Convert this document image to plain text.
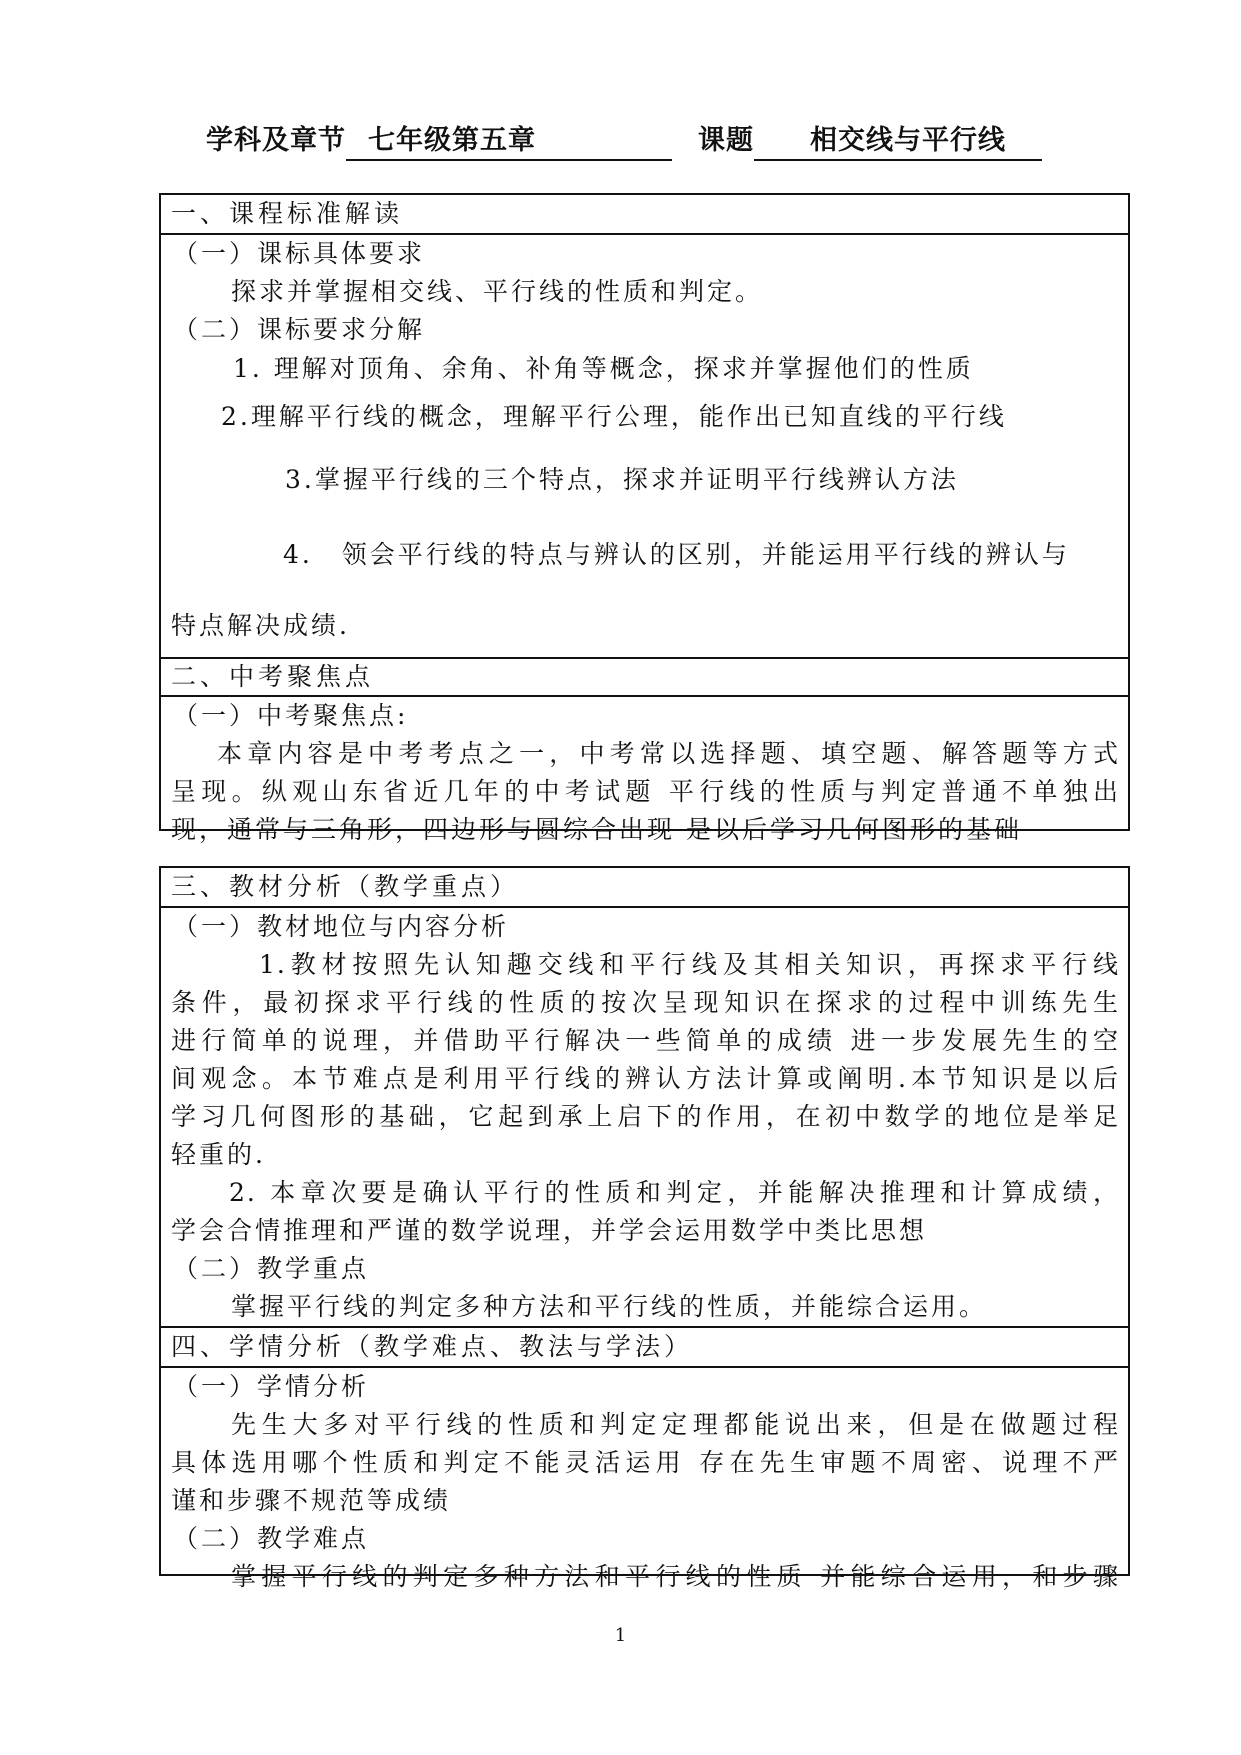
学科及章节 七年级第五章	课题 相交线与平行线
一、课程标准解读
（一）课标具体要求
探求并掌握相交线、平行线的性质和判定。
（二）课标要求分解
1. 理解对顶角、余角、补角等概念，探求并掌握他们的性质
2.理解平行线的概念，理解平行公理，能作出已知直线的平行线
3.掌握平行线的三个特点，探求并证明平行线辨认方法
4. 领会平行线的特点与辨认的区别，并能运用平行线的辨认与
特点解决成绩.
二、中考聚焦点
（一）中考聚焦点:
本章内容是中考考点之一，中考常以选择题、填空题、解答题等方式
呈现。纵观山东省近几年的中考试题 平行线的性质与判定普通不单独出
现，通常与三角形，四边形与圆综合出现 是以后学习几何图形的基础
三、教材分析（教学重点）
（一）教材地位与内容分析
1.教材按照先认知趣交线和平行线及其相关知识，再探求平行线
条件，最初探求平行线的性质的按次呈现知识在探求的过程中训练先生
进行简单的说理，并借助平行解决一些简单的成绩 进一步发展先生的空
间观念。本节难点是利用平行线的辨认方法计算或阐明.本节知识是以后
学习几何图形的基础，它起到承上启下的作用，在初中数学的地位是举足
轻重的.
2. 本章次要是确认平行的性质和判定，并能解决推理和计算成绩，
学会合情推理和严谨的数学说理，并学会运用数学中类比思想
（二）教学重点
掌握平行线的判定多种方法和平行线的性质，并能综合运用。
四、学情分析（教学难点、教法与学法）
（一）学情分析
先生大多对平行线的性质和判定定理都能说出来，但是在做题过程
具体选用哪个性质和判定不能灵活运用 存在先生审题不周密、说理不严
谨和步骤不规范等成绩
（二）教学难点
掌握平行线的判定多种方法和平行线的性质 并能综合运用，和步骤
1
